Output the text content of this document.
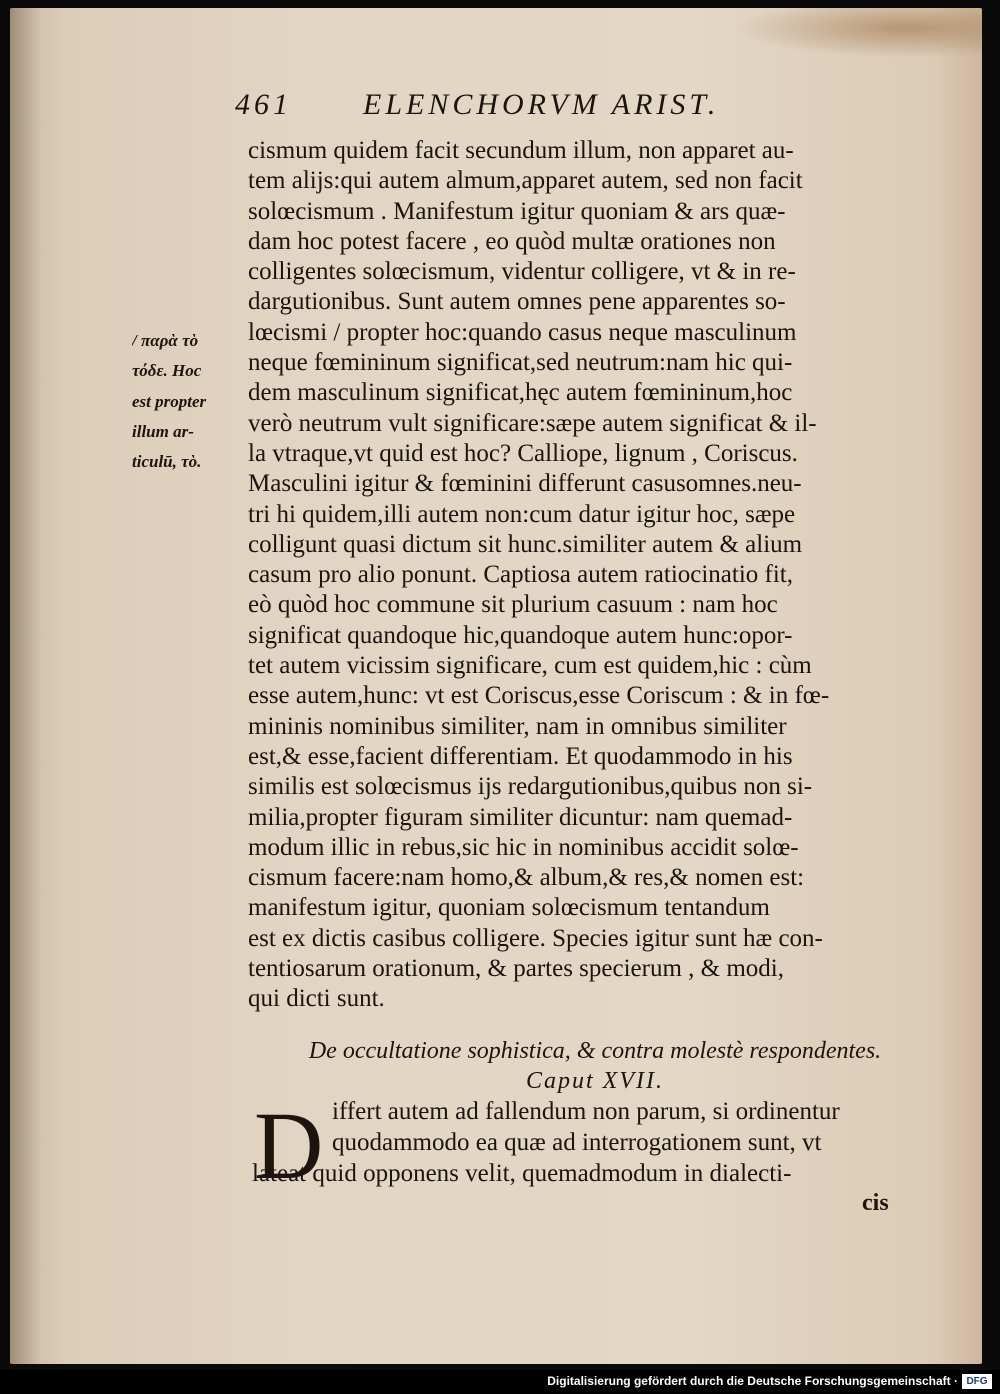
461 ELENCHORVM ARIST.
/ παρὰ τὸ
τόδε. Hoc
est propter
illum ar-
ticulū, τὸ.
cismum quidem facit secundum illum, non apparet au-
tem alijs:qui autem almum,apparet autem, sed non facit
solœcismum . Manifestum igitur quoniam & ars quæ-
dam hoc potest facere , eo quòd multæ orationes non
colligentes solœcismum, videntur colligere, vt & in re-
dargutionibus. Sunt autem omnes pene apparentes so-
lœcismi / propter hoc:quando casus neque masculinum
neque fœmininum significat,sed neutrum:nam hic qui-
dem masculinum significat,hęc autem fœmininum,hoc
verò neutrum vult significare:sæpe autem significat & il-
la vtraque,vt quid est hoc? Calliope, lignum , Coriscus.
Masculini igitur & fœminini differunt casusomnes.neu-
tri hi quidem,illi autem non:cum datur igitur hoc, sæpe
colligunt quasi dictum sit hunc.similiter autem & alium
casum pro alio ponunt. Captiosa autem ratiocinatio fit,
eò quòd hoc commune sit plurium casuum : nam hoc
significat quandoque hic,quandoque autem hunc:opor-
tet autem vicissim significare, cum est quidem,hic : cùm
esse autem,hunc: vt est Coriscus,esse Coriscum : & in fœ-
mininis nominibus similiter, nam in omnibus similiter
est,& esse,facient differentiam. Et quodammodo in his
similis est solœcismus ijs redargutionibus,quibus non si-
milia,propter figuram similiter dicuntur: nam quemad-
modum illic in rebus,sic hic in nominibus accidit solœ-
cismum facere:nam homo,& album,& res,& nomen est:
manifestum igitur, quoniam solœcismum tentandum
est ex dictis casibus colligere. Species igitur sunt hæ con-
tentiosarum orationum, & partes specierum , & modi,
qui dicti sunt.
De occultatione sophistica, & contra molestè respondentes.
Caput XVII.
D iffert autem ad fallendum non parum, si ordinentur
quodammodo ea quæ ad interrogationem sunt, vt
lateat quid opponens velit, quemadmodum in dialecti-
cis
Digitalisierung gefördert durch die Deutsche Forschungsgemeinschaft · DFG
